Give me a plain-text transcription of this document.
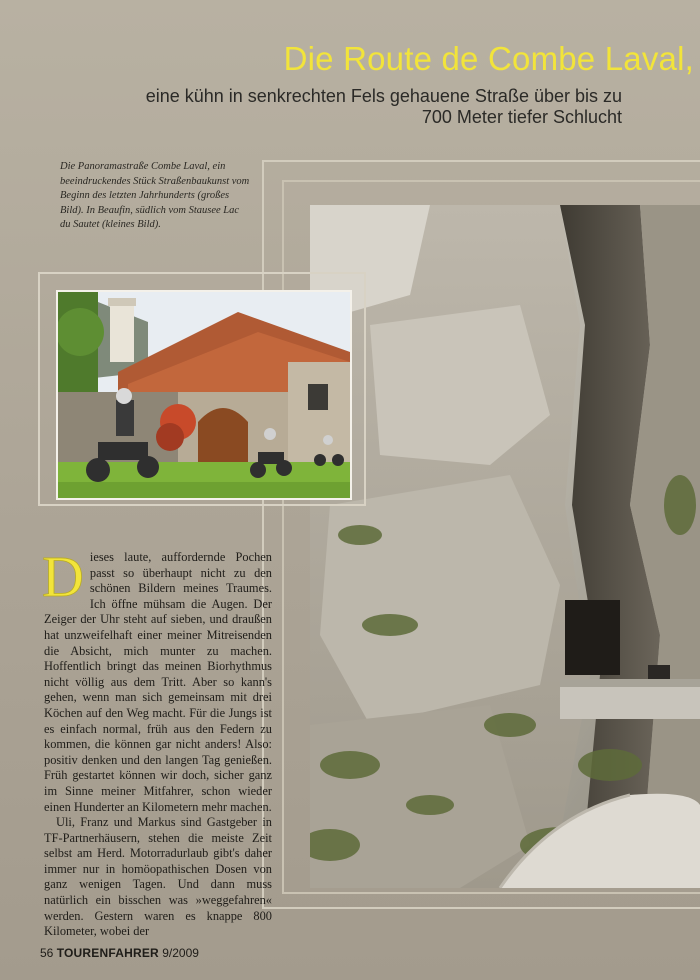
Die Route de Combe Laval,
eine kühn in senkrechten Fels gehauene Straße über bis zu 700 Meter tiefer Schlucht
Die Panoramastraße Combe Laval, ein beeindruckendes Stück Straßenbaukunst vom Beginn des letzten Jahrhunderts (großes Bild). In Beaufin, südlich vom Stausee Lac du Sautet (kleines Bild).

Dieses laute, auffordernde Pochen passt so überhaupt nicht zu den schönen Bildern meines Traumes. Ich öffne mühsam die Augen. Der Zeiger der Uhr steht auf sieben, und draußen hat unzweifelhaft einer meiner Mitreisenden die Absicht, mich munter zu machen. Hoffentlich bringt das meinen Biorhythmus nicht völlig aus dem Tritt. Aber so kann's gehen, wenn man sich gemeinsam mit drei Köchen auf den Weg macht. Für die Jungs ist es einfach normal, früh aus den Federn zu kommen, die können gar nicht anders! Also: positiv denken und den langen Tag genießen. Früh gestartet können wir doch, sicher ganz im Sinne meiner Mitfahrer, schon wieder einen Hunderter an Kilometern mehr machen.

Uli, Franz und Markus sind Gastgeber in TF-Partnerhäusern, stehen die meiste Zeit selbst am Herd. Motorradurlaub gibt's daher immer nur in homöopathischen Dosen von ganz wenigen Tagen. Und dann muss natürlich ein bisschen was »weggefahren« werden. Gestern waren es knappe 800 Kilometer, wobei der

56 TOURENFAHRER 9/2009
